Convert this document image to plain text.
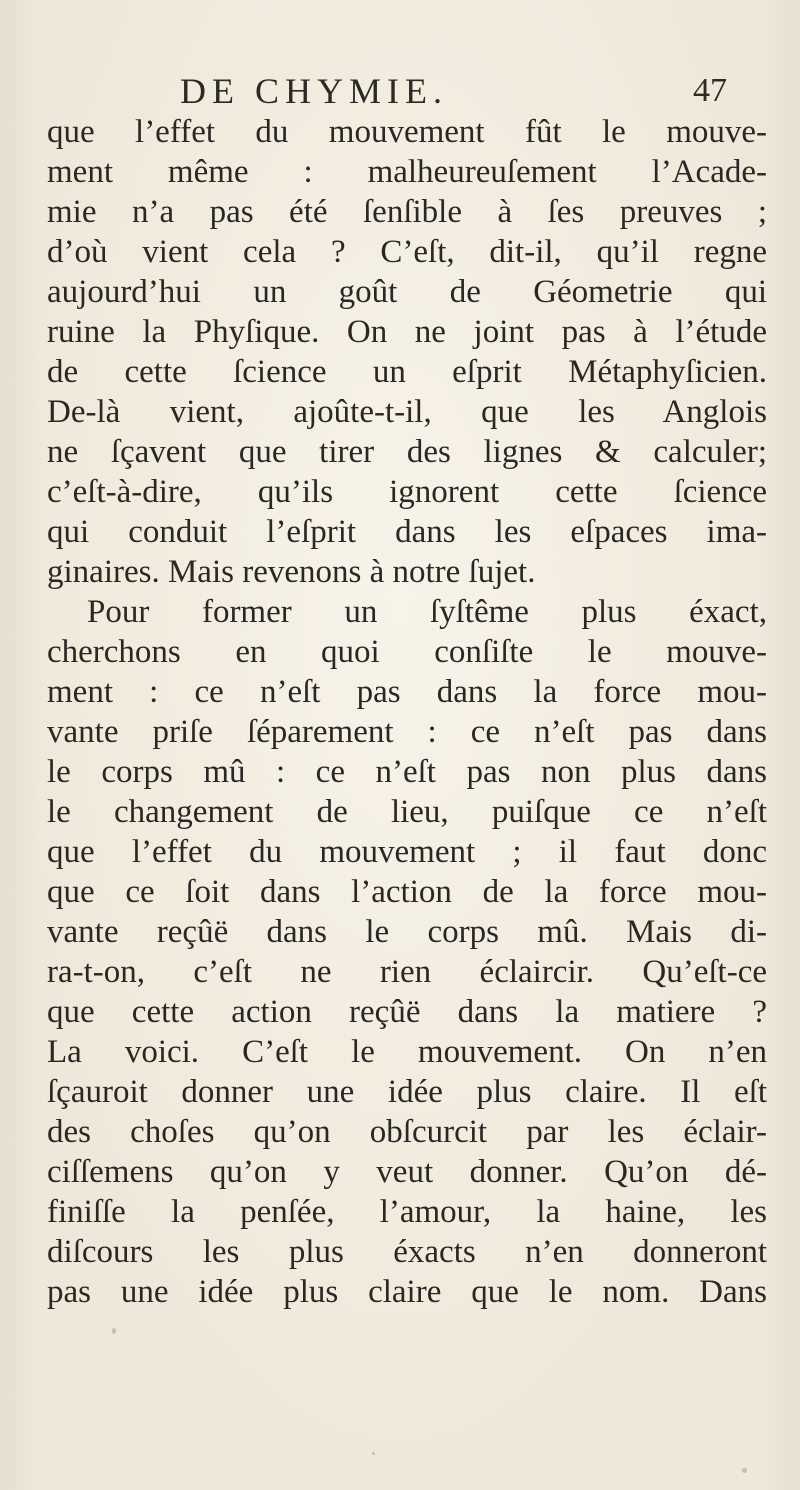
DE CHYMIE.	47
que l’effet du mouvement fût le mouve-
ment même : malheureuſement l’Acade-
mie n’a pas été ſenſible à ſes preuves ;
d’où vient cela ? C’eſt, dit-il, qu’il regne
aujourd’hui un goût de Géometrie qui
ruine la Phyſique. On ne joint pas à l’étude
de cette ſcience un eſprit Métaphyſicien.
De-là vient, ajoûte-t-il, que les Anglois
ne ſçavent que tirer des lignes & calculer;
c’eſt-à-dire, qu’ils ignorent cette ſcience
qui conduit l’eſprit dans les eſpaces ima-
ginaires. Mais revenons à notre ſujet.
Pour former un ſyſtême plus éxact,
cherchons en quoi conſiſte le mouve-
ment : ce n’eſt pas dans la force mou-
vante priſe ſéparement : ce n’eſt pas dans
le corps mû : ce n’eſt pas non plus dans
le changement de lieu, puiſque ce n’eſt
que l’effet du mouvement ; il faut donc
que ce ſoit dans l’action de la force mou-
vante reçûë dans le corps mû. Mais di-
ra-t-on, c’eſt ne rien éclaircir. Qu’eſt-ce
que cette action reçûë dans la matiere ?
La voici. C’eſt le mouvement. On n’en
ſçauroit donner une idée plus claire. Il eſt
des choſes qu’on obſcurcit par les éclair-
ciſſemens qu’on y veut donner. Qu’on dé-
finiſſe la penſée, l’amour, la haine, les
diſcours les plus éxacts n’en donneront
pas une idée plus claire que le nom. Dans
